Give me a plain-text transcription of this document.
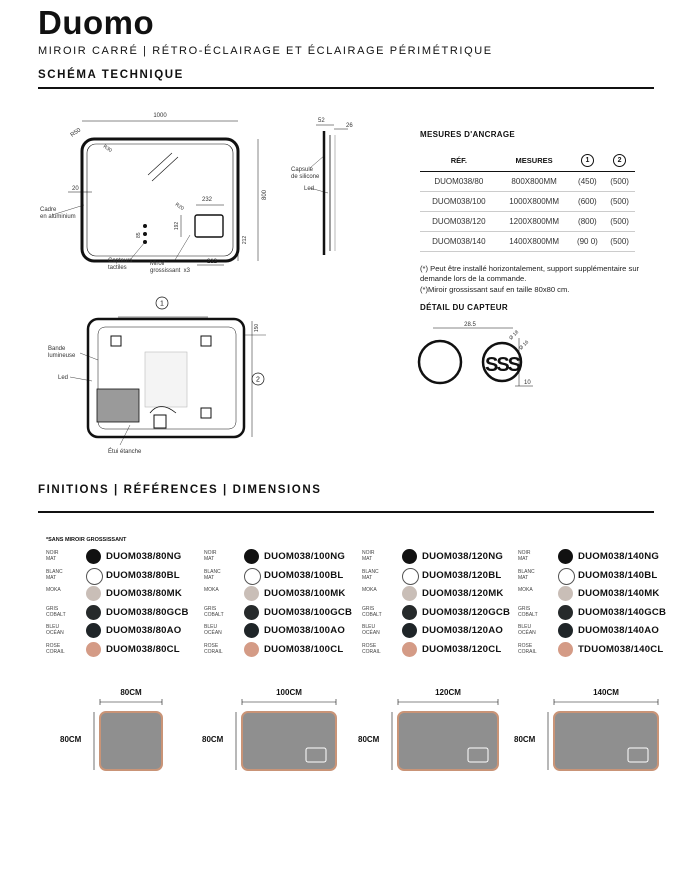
Duomo
MIROIR CARRÉ | RÉTRO-ÉCLAIRAGE ET ÉCLAIRAGE PÉRIMÉTRIQUE
SCHÉMA TECHNIQUE
1000
800
R50
R30
R20
20
232
192
212
212
85
Cadre en aluminium
Capteurs tactiles
Miroir grossissant  x3
52
26
Capsule de silicone
Led
1
2
150
Bande lumineuse
Led
Étui étanche
MESURES D'ANCRAGE
RÉF.	MESURES	1	2
DUOM038/80	800X800MM	(450)	(500)
DUOM038/100	1000X800MM	(600)	(500)
DUOM038/120	1200X800MM	(800)	(500)
DUOM038/140	1400X800MM	(90 0)	(500)
(*) Peut être installé horizontalement, support supplémentaire sur demande lors de la commande.
(*)Miroir grossissant sauf en taille 80x80 cm.
DÉTAIL DU CAPTEUR
28.5
Ø 18
Ø 16
10
SSS
FINITIONS | RÉFÉRENCES | DIMENSIONS
*SANS MIROIR GROSSISSANT
NOIR
MAT	DUOM038/80NG
BLANC
MAT	DUOM038/80BL
MOKA	DUOM038/80MK
GRIS
COBALT	DUOM038/80GCB
BLEU
OCÉAN	DUOM038/80AO
ROSE
CORAIL	DUOM038/80CL
NOIR
MAT	DUOM038/100NG
BLANC
MAT	DUOM038/100BL
MOKA	DUOM038/100MK
GRIS
COBALT	DUOM038/100GCB
BLEU
OCÉAN	DUOM038/100AO
ROSE
CORAIL	DUOM038/100CL
NOIR
MAT	DUOM038/120NG
BLANC
MAT	DUOM038/120BL
MOKA	DUOM038/120MK
GRIS
COBALT	DUOM038/120GCB
BLEU
OCÉAN	DUOM038/120AO
ROSE
CORAIL	DUOM038/120CL
NOIR
MAT	DUOM038/140NG
BLANC
MAT	DUOM038/140BL
MOKA	DUOM038/140MK
GRIS
COBALT	DUOM038/140GCB
BLEU
OCÉAN	DUOM038/140AO
ROSE
CORAIL	TDUOM038/140CL
80CM
80CM
100CM
80CM
120CM
80CM
140CM
80CM
